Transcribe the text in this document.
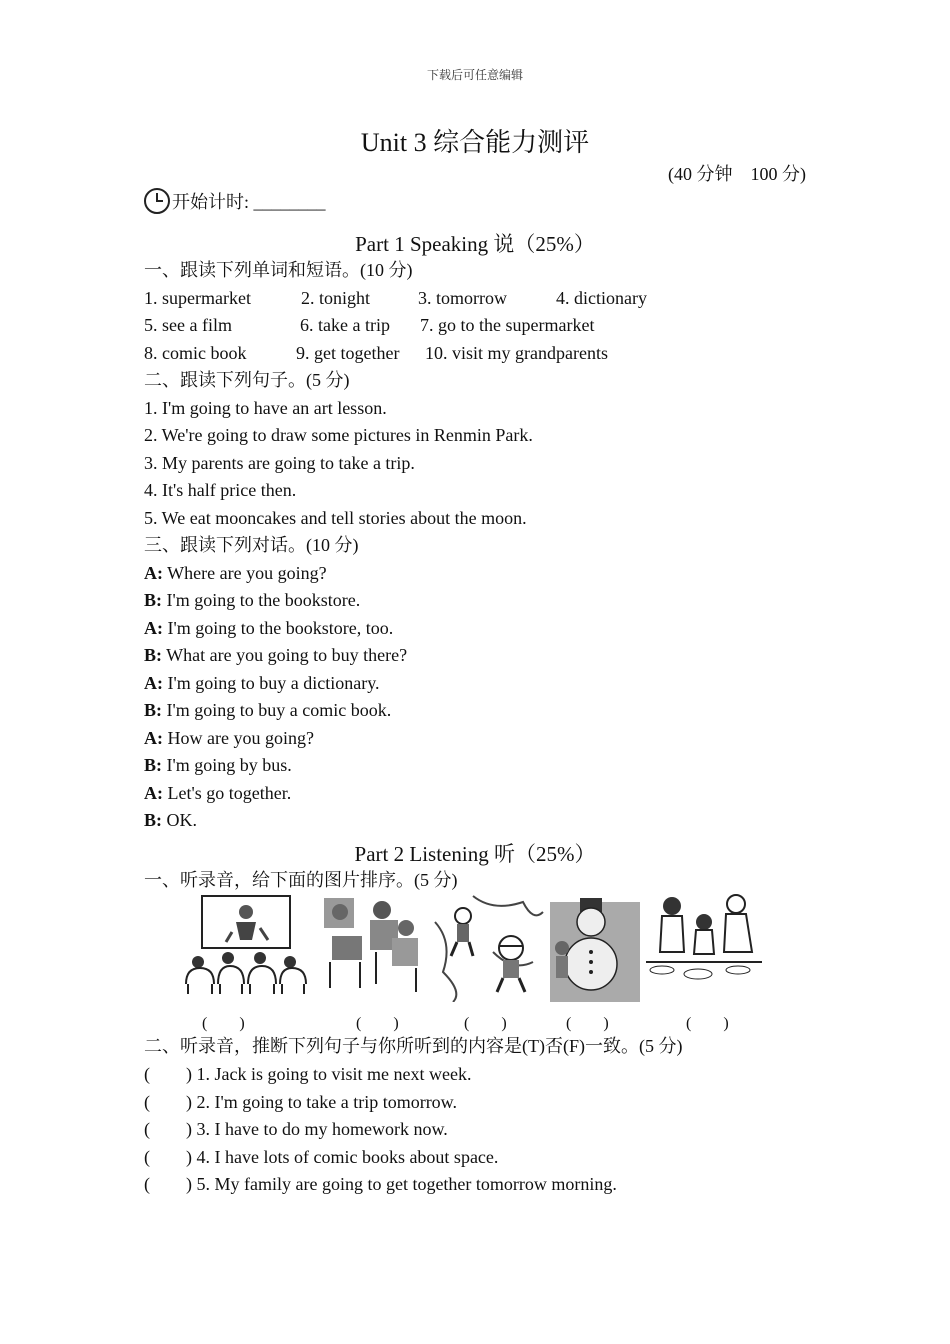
下载后可任意编辑
Unit 3 综合能力测评
(40 分钟　100 分)
开始计时: ________
Part 1 Speaking 说（25%）
一、跟读下列单词和短语。(10 分)
1. supermarket	2. tonight	3. tomorrow	4. dictionary
5. see a film	6. take a trip 7. go to the supermarket
8. comic book	9. get together 10. visit my grandparents
二、跟读下列句子。(5 分)
1. I'm going to have an art lesson.
2. We're going to draw some pictures in Renmin Park.
3. My parents are going to take a trip.
4. It's half price then.
5. We eat mooncakes and tell stories about the moon.
三、跟读下列对话。(10 分)
A: Where are you going?
B: I'm going to the bookstore.
A: I'm going to the bookstore, too.
B: What are you going to buy there?
A: I'm going to buy a dictionary.
B: I'm going to buy a comic book.
A: How are you going?
B: I'm going by bus.
A: Let's go together.
B: OK.
Part 2 Listening 听（25%）
一、听录音，给下面的图片排序。(5 分)
(　　)	(　　)	(　　)	(　　)	(　　)
二、听录音，推断下列句子与你所听到的内容是(T)否(F)一致。(5 分)
(　　) 1. Jack is going to visit me next week.
(　　) 2. I'm going to take a trip tomorrow.
(　　) 3. I have to do my homework now.
(　　) 4. I have lots of comic books about space.
(　　) 5. My family are going to get together tomorrow morning.
